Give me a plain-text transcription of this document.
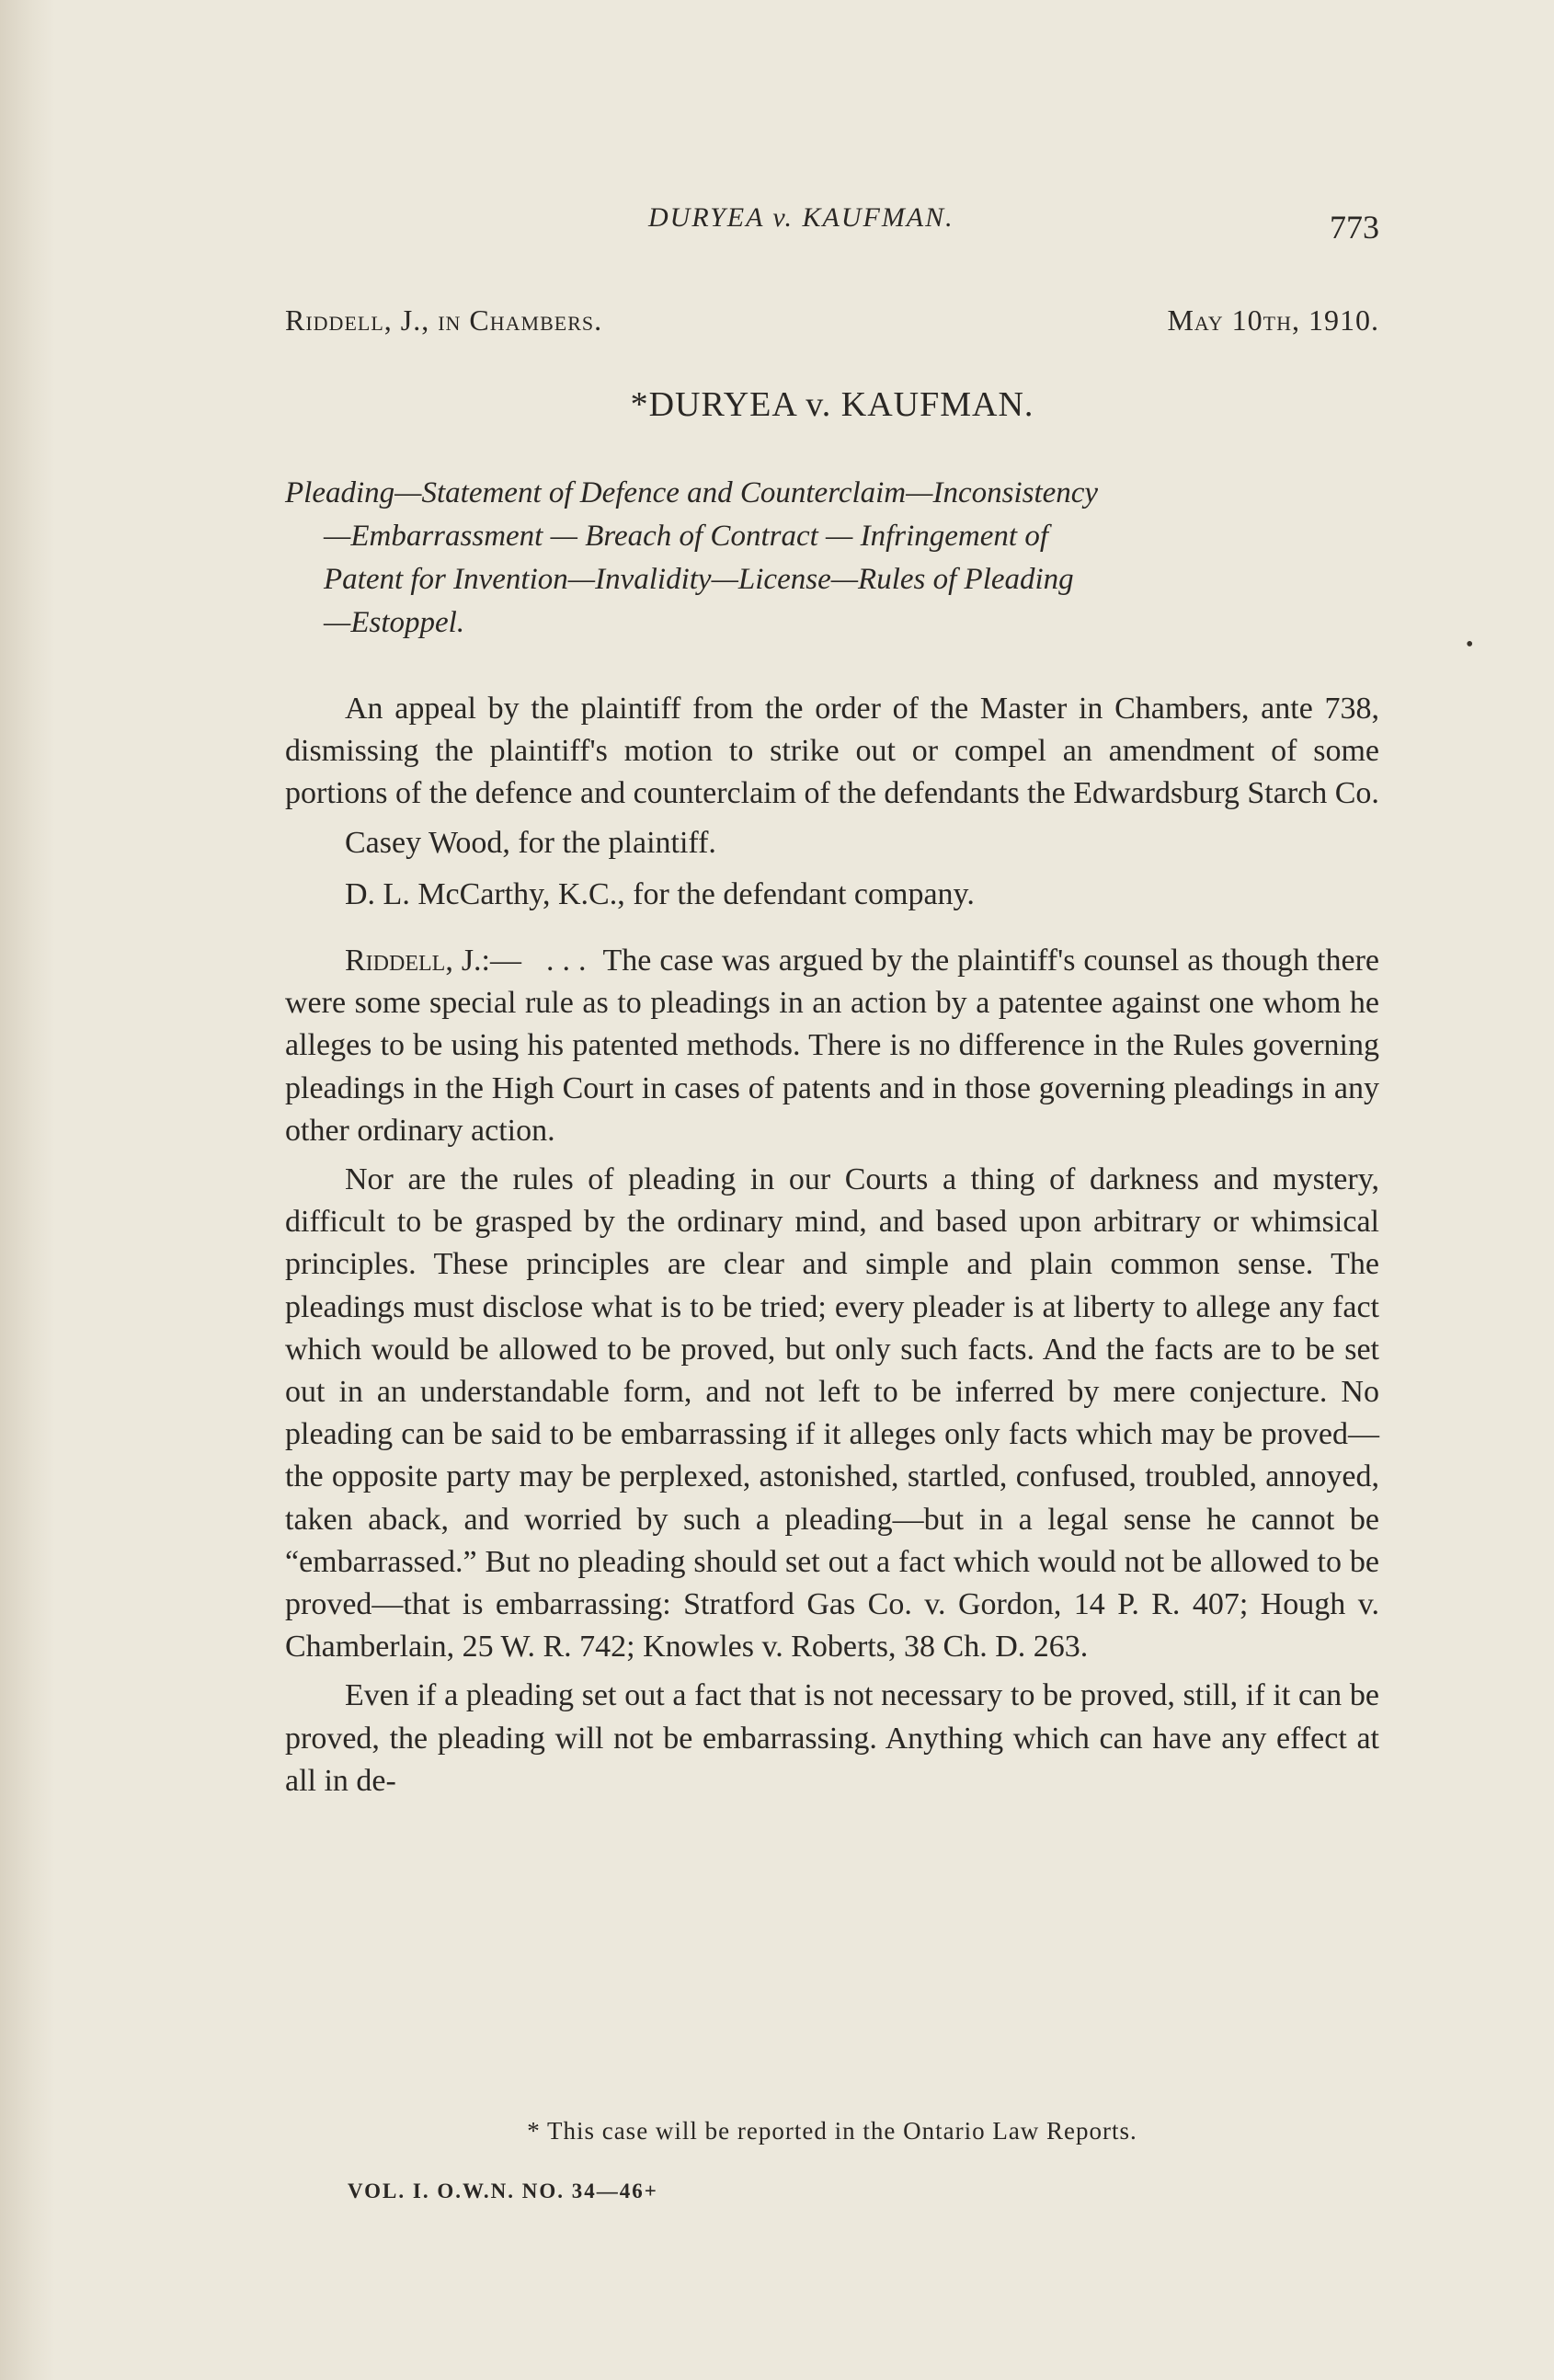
DURYEA v. KAUFMAN.	773
Riddell, J., in Chambers.	May 10th, 1910.
*DURYEA v. KAUFMAN.
Pleading—Statement of Defence and Counterclaim—Inconsistency
—Embarrassment — Breach of Contract — Infringement of
Patent for Invention—Invalidity—License—Rules of Pleading
—Estoppel.

An appeal by the plaintiff from the order of the Master in Chambers, ante 738, dismissing the plaintiff's motion to strike out or compel an amendment of some portions of the defence and counterclaim of the defendants the Edwardsburg Starch Co.

Casey Wood, for the plaintiff.

D. L. McCarthy, K.C., for the defendant company.

Riddell, J.:— . . . The case was argued by the plaintiff's counsel as though there were some special rule as to pleadings in an action by a patentee against one whom he alleges to be using his patented methods. There is no difference in the Rules governing pleadings in the High Court in cases of patents and in those governing pleadings in any other ordinary action.

Nor are the rules of pleading in our Courts a thing of darkness and mystery, difficult to be grasped by the ordinary mind, and based upon arbitrary or whimsical principles. These principles are clear and simple and plain common sense. The pleadings must disclose what is to be tried; every pleader is at liberty to allege any fact which would be allowed to be proved, but only such facts. And the facts are to be set out in an understandable form, and not left to be inferred by mere conjecture. No pleading can be said to be embarrassing if it alleges only facts which may be proved—the opposite party may be perplexed, astonished, startled, confused, troubled, annoyed, taken aback, and worried by such a pleading—but in a legal sense he cannot be “embarrassed.” But no pleading should set out a fact which would not be allowed to be proved—that is embarrassing: Stratford Gas Co. v. Gordon, 14 P. R. 407; Hough v. Chamberlain, 25 W. R. 742; Knowles v. Roberts, 38 Ch. D. 263.

Even if a pleading set out a fact that is not necessary to be proved, still, if it can be proved, the pleading will not be embarrassing. Anything which can have any effect at all in de-

* This case will be reported in the Ontario Law Reports.
VOL. I. O.W.N. NO. 34—46+
•
